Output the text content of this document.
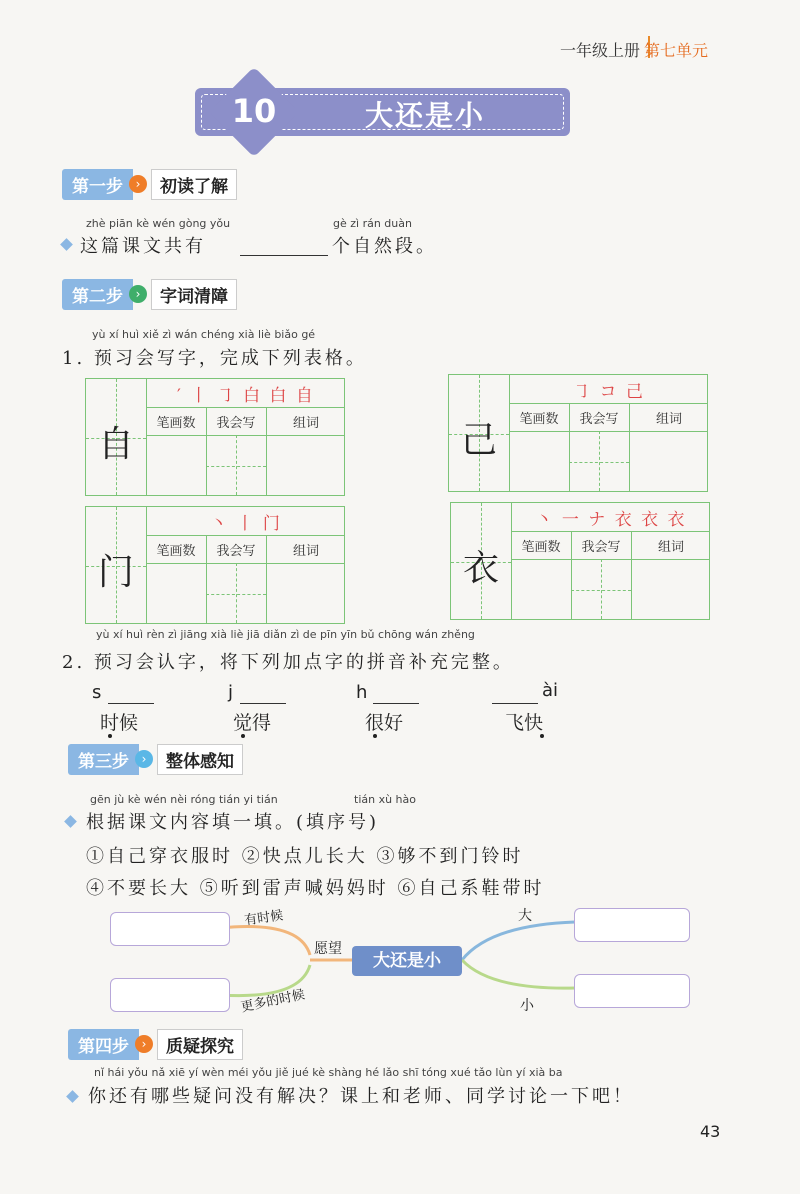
一年级上册 第七单元
10	大还是小
第一步	›	初读了解
zhè piān kè wén gòng yǒu	gè zì rán duàn
这篇课文共有	个自然段。
第二步	›	字词清障
yù xí huì xiě zì wán chéng xià liè biǎo gé
1. 预习会写字，完成下列表格。
′ 丨 ㇆ 白 白 自
笔画数	我会写	组词
自
㇆ コ 己
笔画数	我会写	组词
己
丶 丨 门
笔画数	我会写	组词
门
丶 一 ナ 衣 衣 衣
笔画数	我会写	组词
衣
yù xí huì rèn zì jiāng xià liè jiā diǎn zì de pīn yīn bǔ chōng wán zhěng
2. 预习会认字，将下列加点字的拼音补充完整。
s
时候
j
觉得
h
很好
ài
飞快
第三步	›	整体感知
gēn jù kè wén nèi róng tián yi tián	tián xù hào
根据课文内容填一填。(填序号)
①自己穿衣服时 ②快点儿长大 ③够不到门铃时
④不要长大 ⑤听到雷声喊妈妈时 ⑥自己系鞋带时
有时候
更多的时候
愿望
大还是小
大
小
第四步	›	质疑探究
nǐ hái yǒu nǎ xiē yí wèn méi yǒu jiě jué kè shàng hé lǎo shī tóng xué tǎo lùn yí xià ba
你还有哪些疑问没有解决？课上和老师、同学讨论一下吧！
43
